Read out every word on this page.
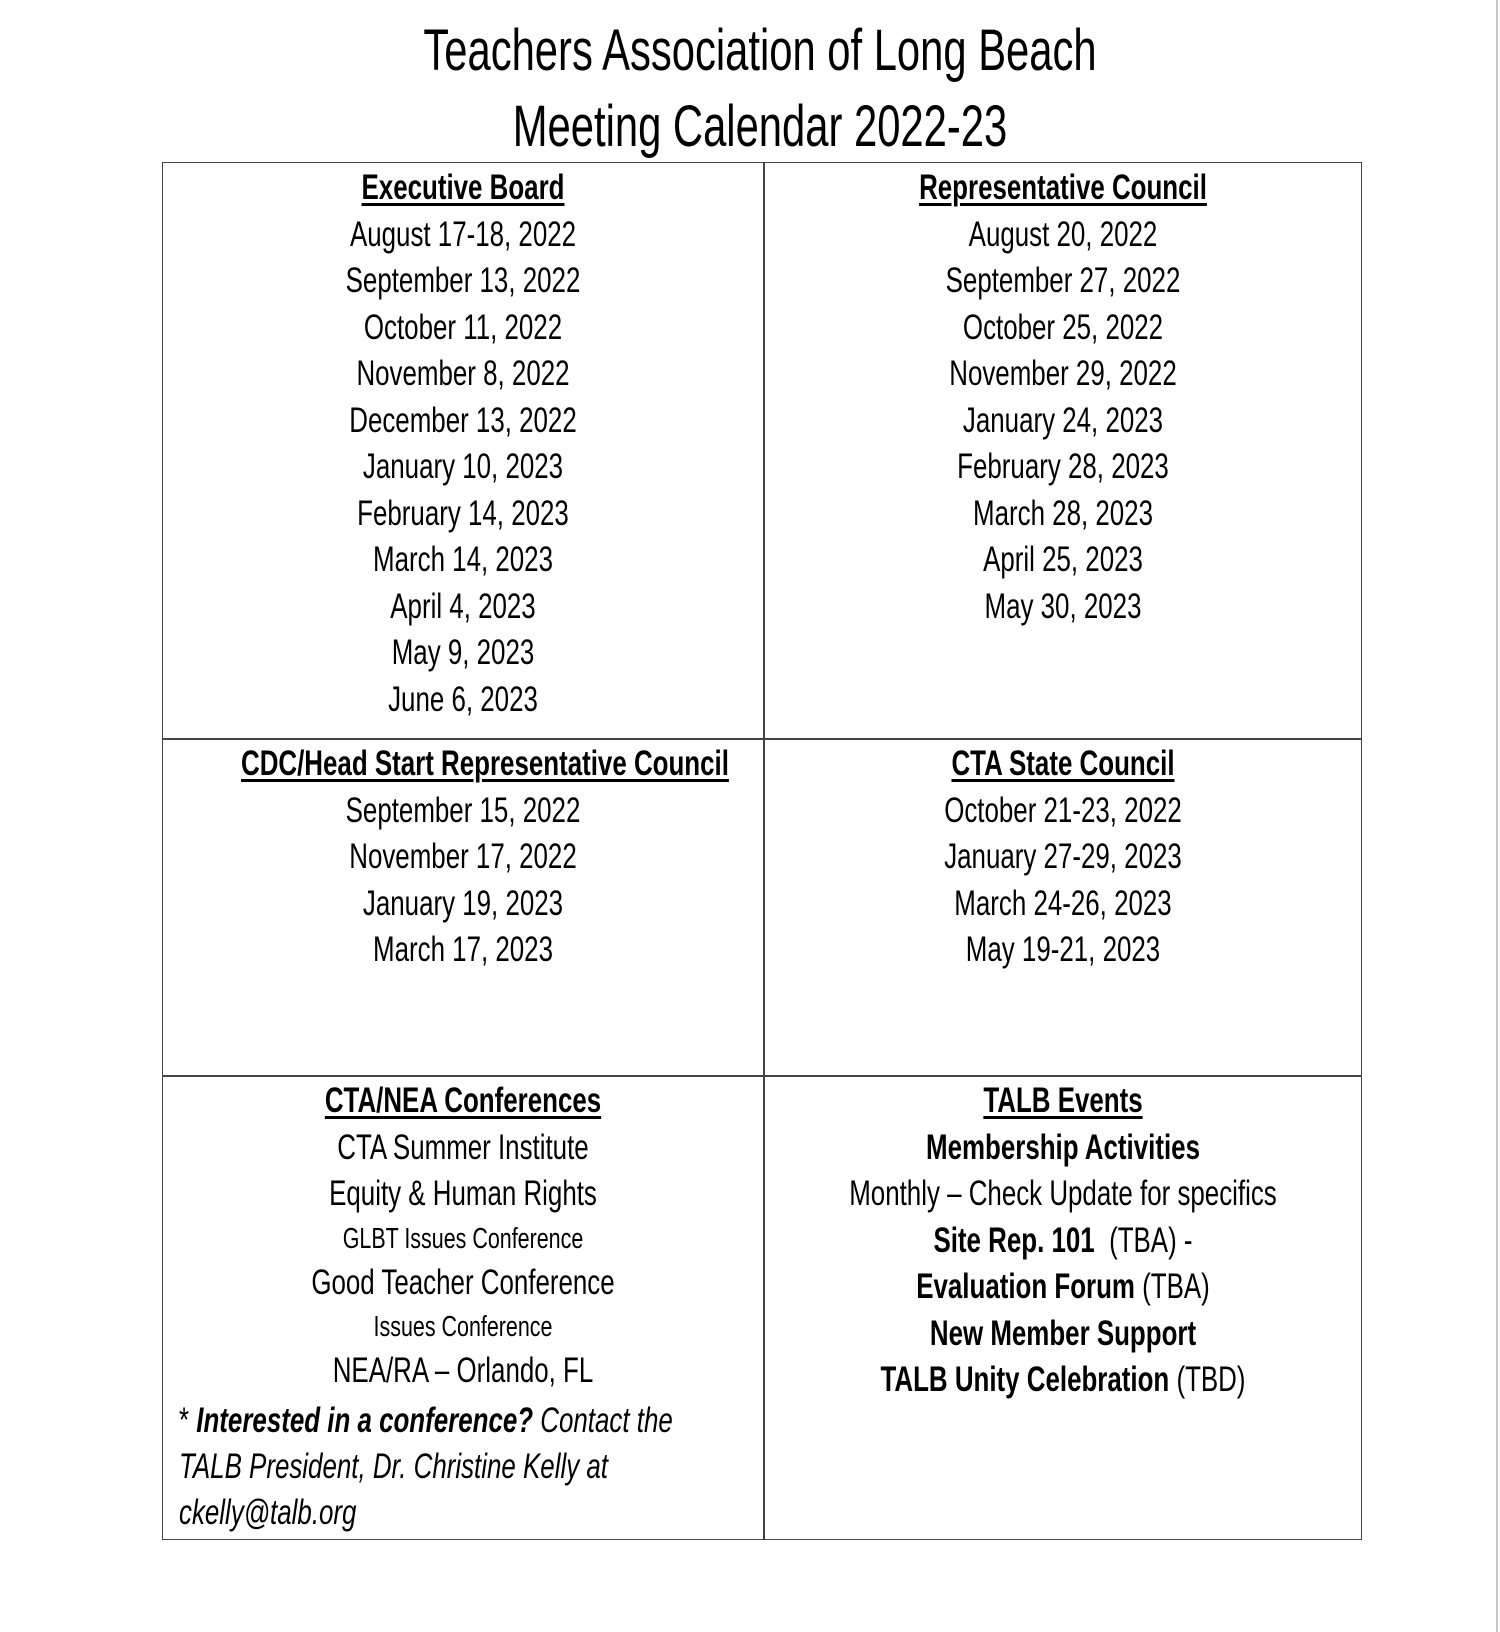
Teachers Association of Long Beach
Meeting Calendar 2022-23
Executive Board
August 17-18, 2022
September 13, 2022
October 11, 2022
November 8, 2022
December 13, 2022
January 10, 2023
February 14, 2023
March 14, 2023
April 4, 2023
May 9, 2023
June 6, 2023
Representative Council
August 20, 2022
September 27, 2022
October 25, 2022
November 29, 2022
January 24, 2023
February 28, 2023
March 28, 2023
April 25, 2023
May 30, 2023
CDC/Head Start Representative Council
September 15, 2022
November 17, 2022
January 19, 2023
March 17, 2023
CTA State Council
October 21-23, 2022
January 27-29, 2023
March 24-26, 2023
May 19-21, 2023
CTA/NEA Conferences
CTA Summer Institute
Equity & Human Rights
GLBT Issues Conference
Good Teacher Conference
Issues Conference
NEA/RA – Orlando, FL
* Interested in a conference? Contact the TALB President, Dr. Christine Kelly at ckelly@talb.org
TALB Events
Membership Activities
Monthly – Check Update for specifics
Site Rep. 101 (TBA) -
Evaluation Forum (TBA)
New Member Support
TALB Unity Celebration (TBD)
